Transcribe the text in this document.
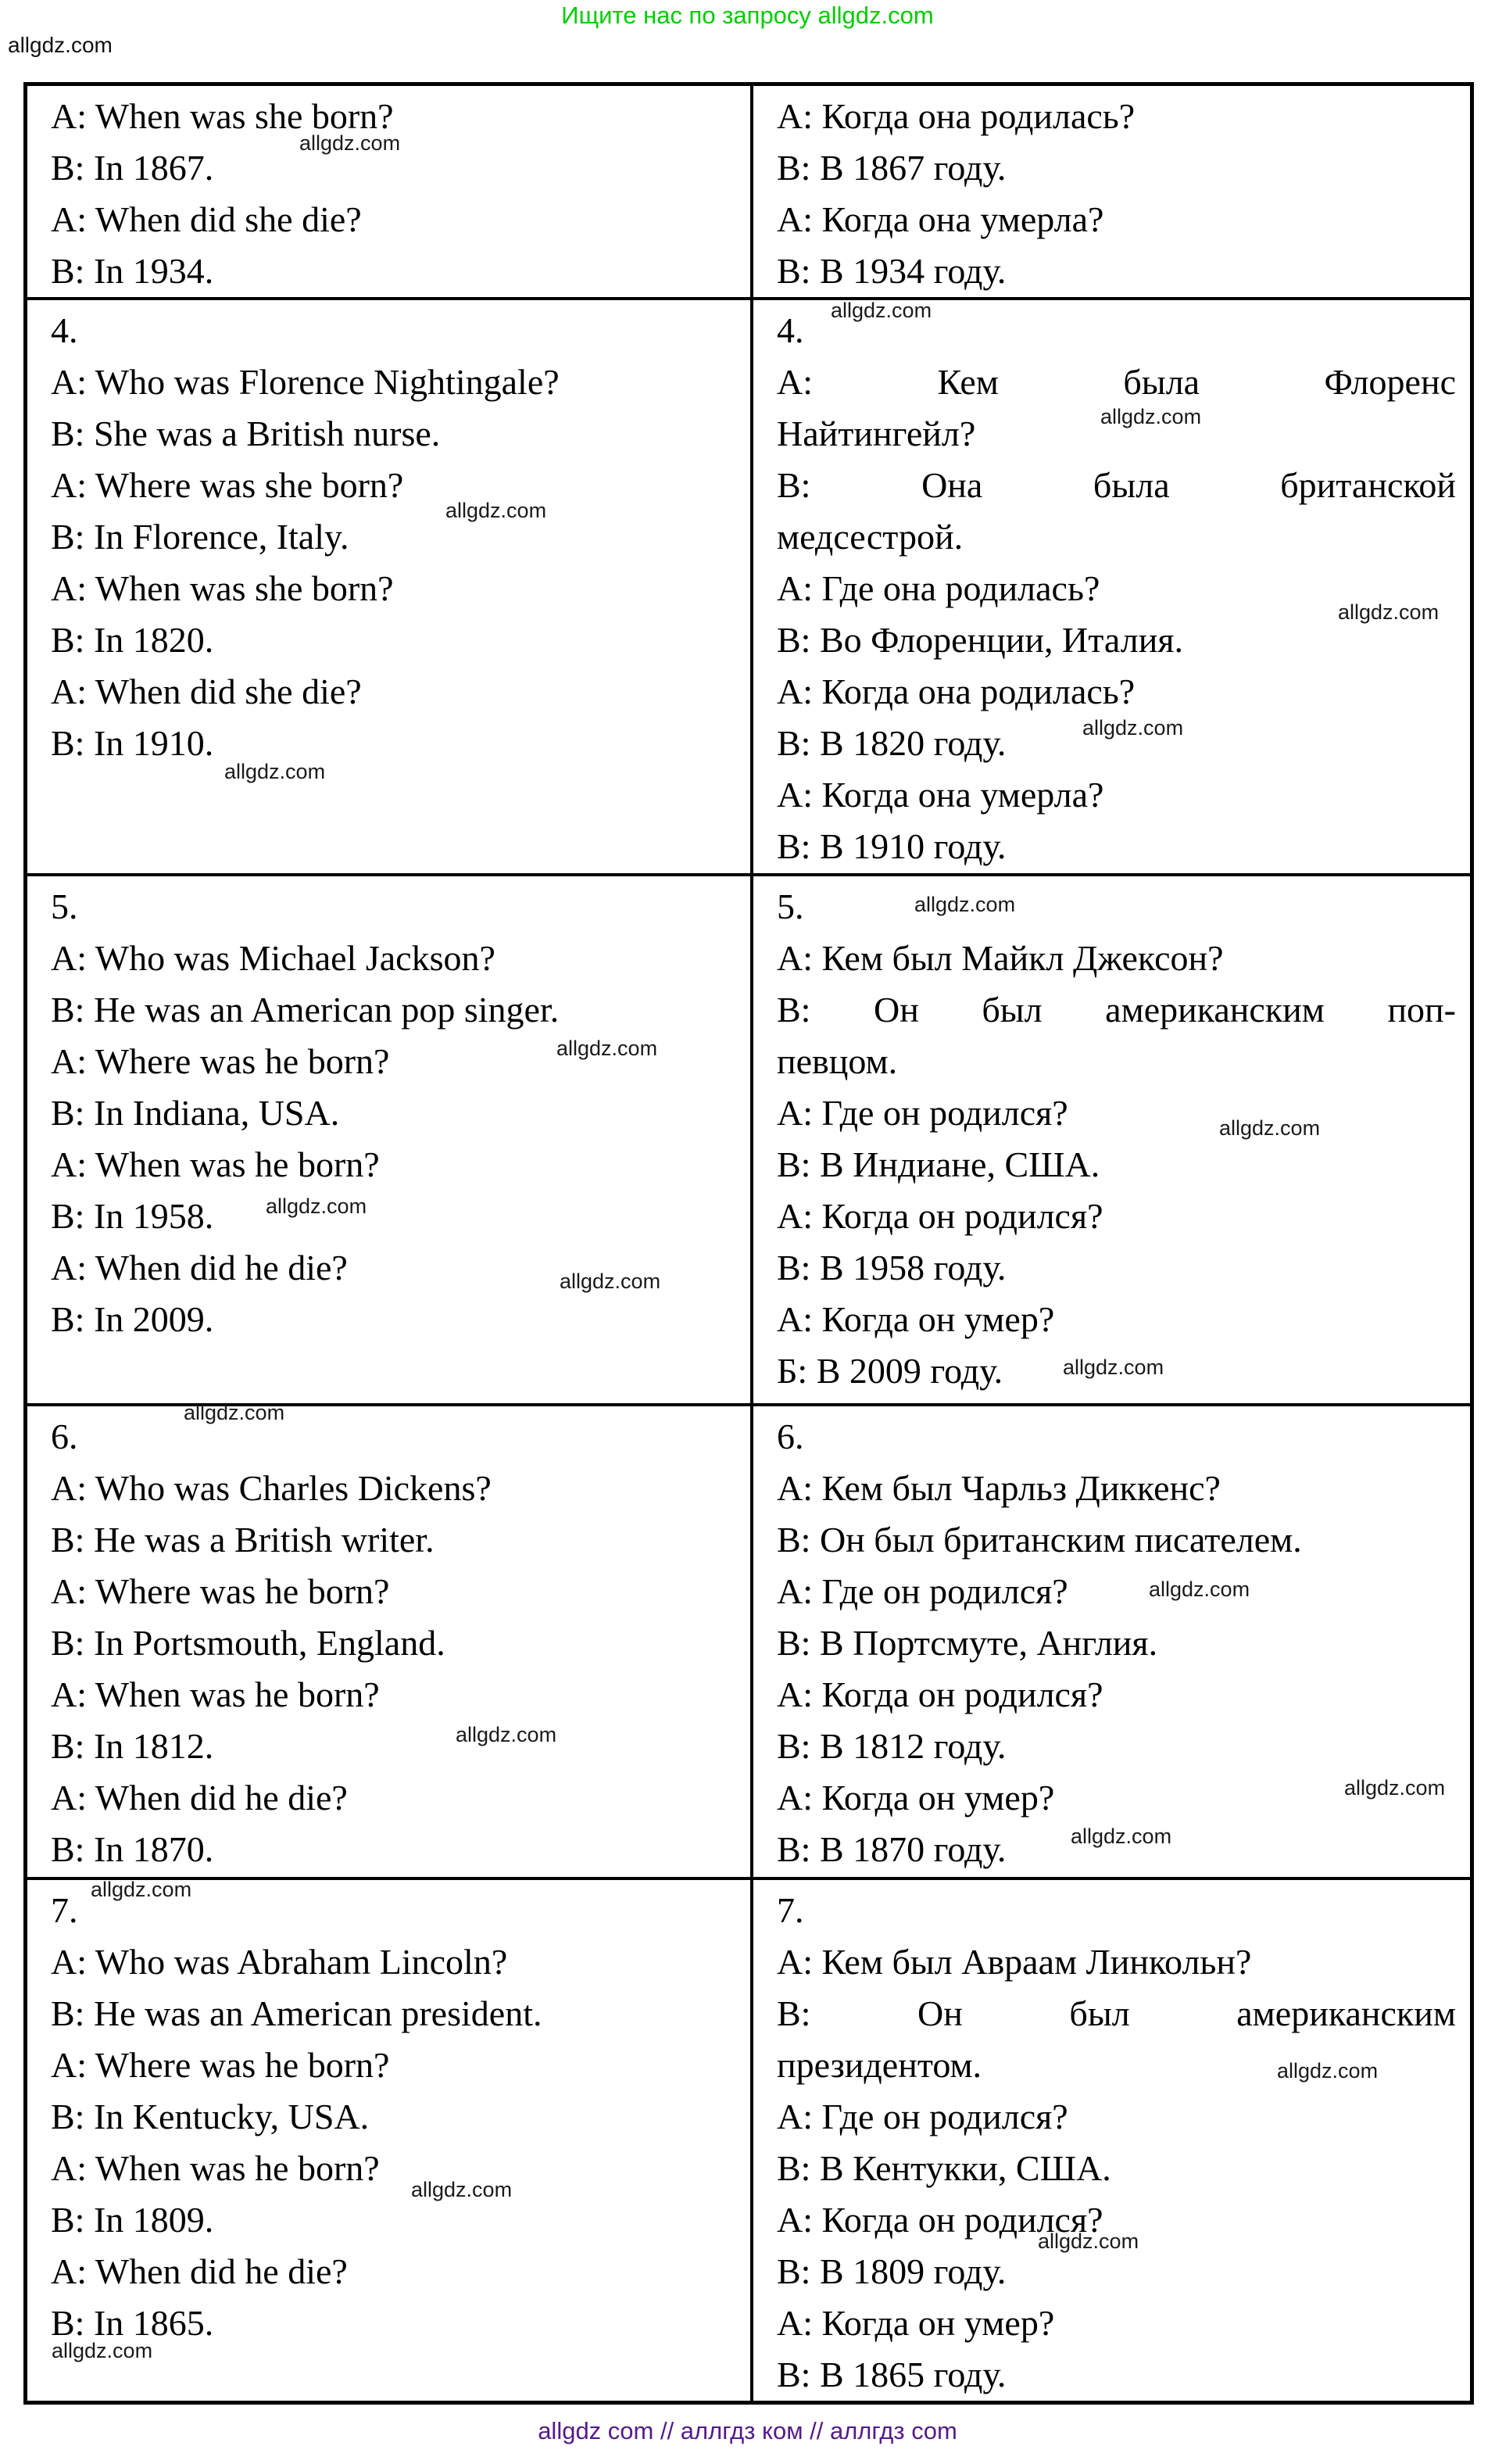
Ищите нас по запросу allgdz.com
allgdz.com
A: When was she born?
B: In 1867.
A: When did she die?
B: In 1934.
А: Когда она родилась?
В: В 1867 году.
А: Когда она умерла?
В: В 1934 году.
4.
A: Who was Florence Nightingale?
B: She was a British nurse.
A: Where was she born?
B: In Florence, Italy.
A: When was she born?
B: In 1820.
A: When did she die?
B: In 1910.
4.
А: Кем была Флоренс
Найтингейл?
В: Она была британской
медсестрой.
А: Где она родилась?
В: Во Флоренции, Италия.
А: Когда она родилась?
В: В 1820 году.
А: Когда она умерла?
В: В 1910 году.
5.
A: Who was Michael Jackson?
B: He was an American pop singer.
A: Where was he born?
B: In Indiana, USA.
A: When was he born?
B: In 1958.
A: When did he die?
B: In 2009.
5.
А: Кем был Майкл Джексон?
В: Он был американским поп-
певцом.
А: Где он родился?
В: В Индиане, США.
А: Когда он родился?
В: В 1958 году.
А: Когда он умер?
Б: В 2009 году.
6.
A: Who was Charles Dickens?
B: He was a British writer.
A: Where was he born?
B: In Portsmouth, England.
A: When was he born?
B: In 1812.
A: When did he die?
B: In 1870.
6.
А: Кем был Чарльз Диккенс?
В: Он был британским писателем.
А: Где он родился?
В: В Портсмуте, Англия.
А: Когда он родился?
В: В 1812 году.
А: Когда он умер?
В: В 1870 году.
7.
A: Who was Abraham Lincoln?
B: He was an American president.
A: Where was he born?
B: In Kentucky, USA.
A: When was he born?
B: In 1809.
A: When did he die?
B: In 1865.
7.
А: Кем был Авраам Линкольн?
В: Он был американским
президентом.
А: Где он родился?
В: В Кентукки, США.
А: Когда он родился?
В: В 1809 году.
А: Когда он умер?
В: В 1865 году.
allgdz.com
allgdz.com
allgdz.com
allgdz.com
allgdz.com
allgdz.com
allgdz.com
allgdz.com
allgdz.com
allgdz.com
allgdz.com
allgdz.com
allgdz.com
allgdz.com
allgdz.com
allgdz.com
allgdz.com
allgdz.com
allgdz.com
allgdz.com
allgdz.com
allgdz.com
allgdz.com
allgdz com // аллгдз ком // аллгдз com
